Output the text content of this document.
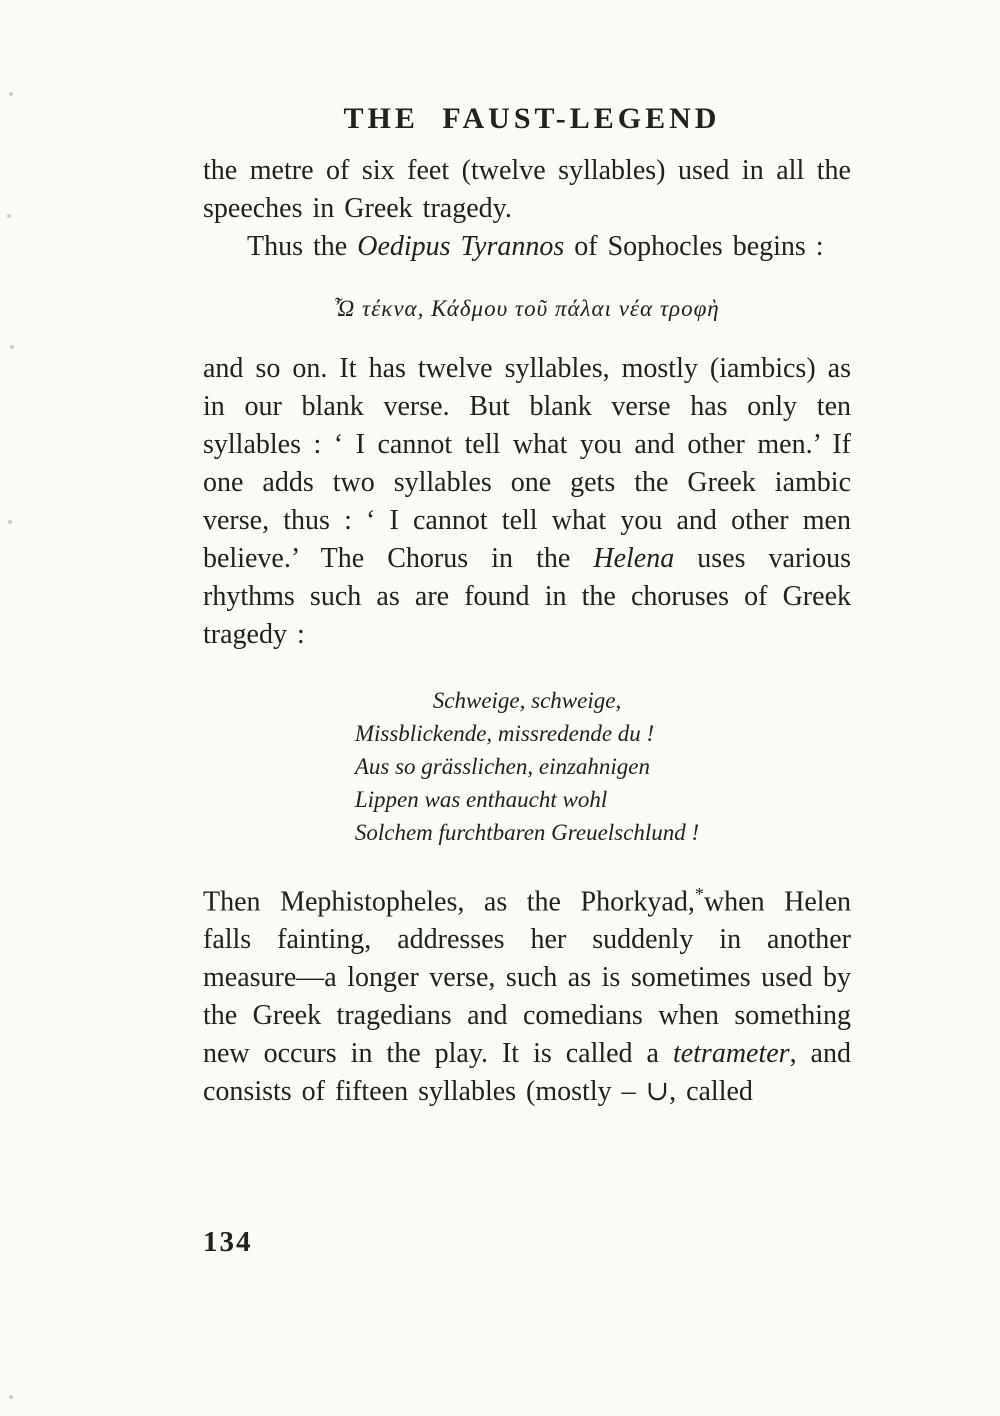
THE FAUST-LEGEND

the metre of six feet (twelve syllables) used in all the speeches in Greek tragedy.

Thus the Oedipus Tyrannos of Sophocles begins :

Ὦ τέκνα, Κάδμου τοῦ πάλαι νέα τροφὴ

and so on. It has twelve syllables, mostly (iambics) as in our blank verse. But blank verse has only ten syllables : ‘ I cannot tell what you and other men.’ If one adds two syllables one gets the Greek iambic verse, thus : ‘ I cannot tell what you and other men believe.’ The Chorus in the Helena uses various rhythms such as are found in the choruses of Greek tragedy :

Schweige, schweige,
Missblickende, missredende du !
Aus so grässlichen, einzahnigen
Lippen was enthaucht wohl
Solchem furchtbaren Greuelschlund !

Then Mephistopheles, as the Phorkyad,*when Helen falls fainting, addresses her suddenly in another measure—a longer verse, such as is sometimes used by the Greek tragedians and comedians when something new occurs in the play. It is called a tetrameter, and consists of fifteen syllables (mostly – ∪, called

134
